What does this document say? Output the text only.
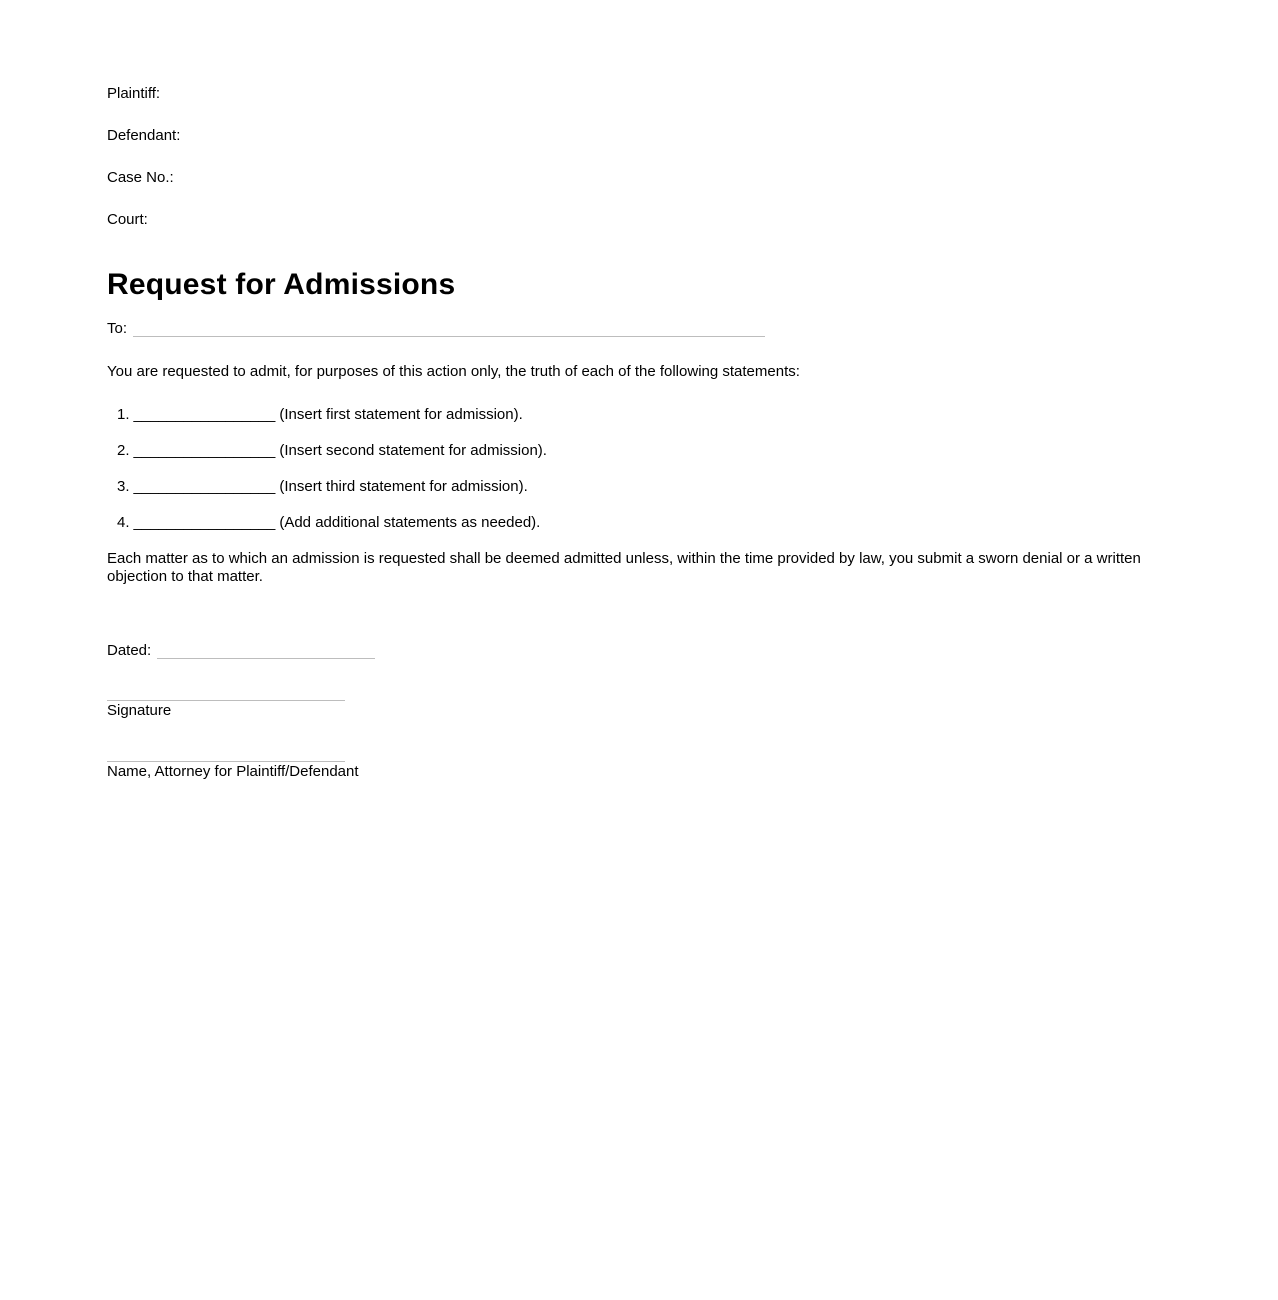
Plaintiff:
Defendant:
Case No.:
Court:
Request for Admissions
To:

You are requested to admit, for purposes of this action only, the truth of each of the following statements:

1. _________________ (Insert first statement for admission).
2. _________________ (Insert second statement for admission).
3. _________________ (Insert third statement for admission).
4. _________________ (Add additional statements as needed).

Each matter as to which an admission is requested shall be deemed admitted unless, within the time provided by law, you submit a sworn denial or a written objection to that matter.

Dated:
Signature
Name, Attorney for Plaintiff/Defendant
